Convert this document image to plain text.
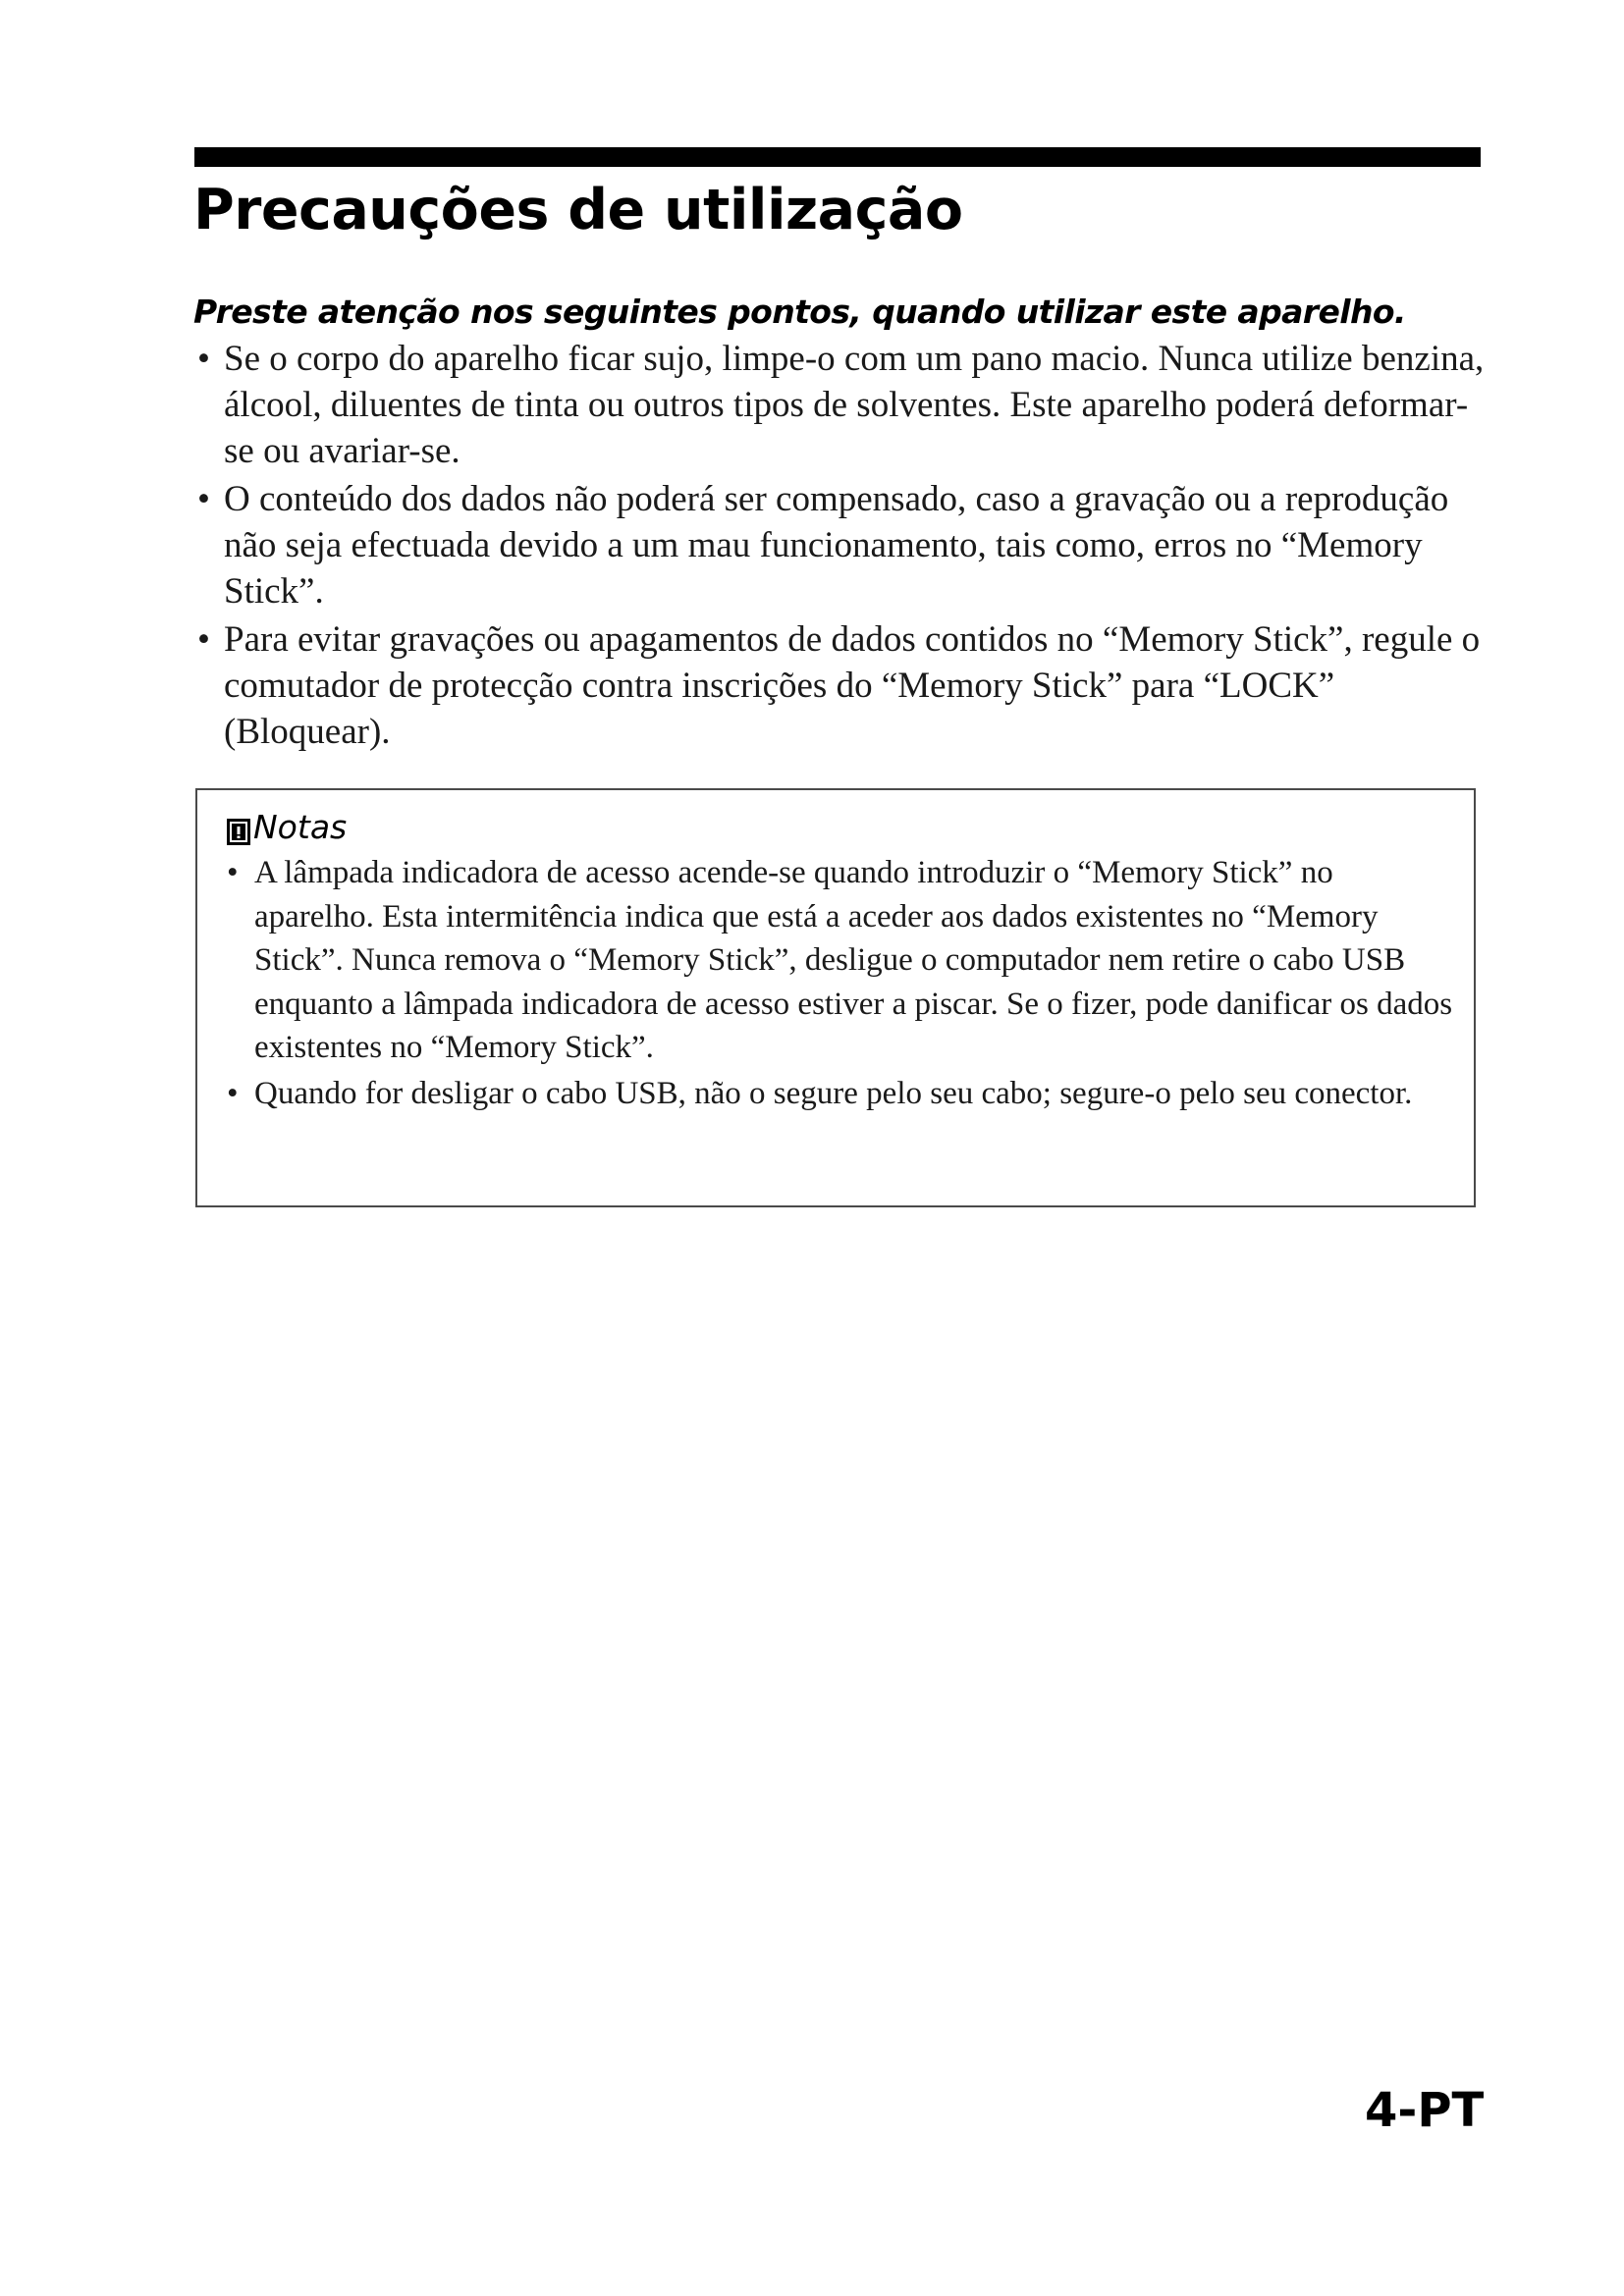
Precauções de utilização

Preste atenção nos seguintes pontos, quando utilizar este aparelho.

• Se o corpo do aparelho ficar sujo, limpe-o com um pano macio. Nunca utilize benzina, álcool, diluentes de tinta ou outros tipos de solventes. Este aparelho poderá deformar-se ou avariar-se.
• O conteúdo dos dados não poderá ser compensado, caso a gravação ou a reprodução não seja efectuada devido a um mau funcionamento, tais como, erros no “Memory Stick”.
• Para evitar gravações ou apagamentos de dados contidos no “Memory Stick”, regule o comutador de protecção contra inscrições do “Memory Stick” para “LOCK” (Bloquear).
Notas
• A lâmpada indicadora de acesso acende-se quando introduzir o “Memory Stick” no aparelho. Esta intermitência indica que está a aceder aos dados existentes no “Memory Stick”. Nunca remova o “Memory Stick”, desligue o computador nem retire o cabo USB enquanto a lâmpada indicadora de acesso estiver a piscar. Se o fizer, pode danificar os dados existentes no “Memory Stick”.
• Quando for desligar o cabo USB, não o segure pelo seu cabo; segure-o pelo seu conector.
4-PT
